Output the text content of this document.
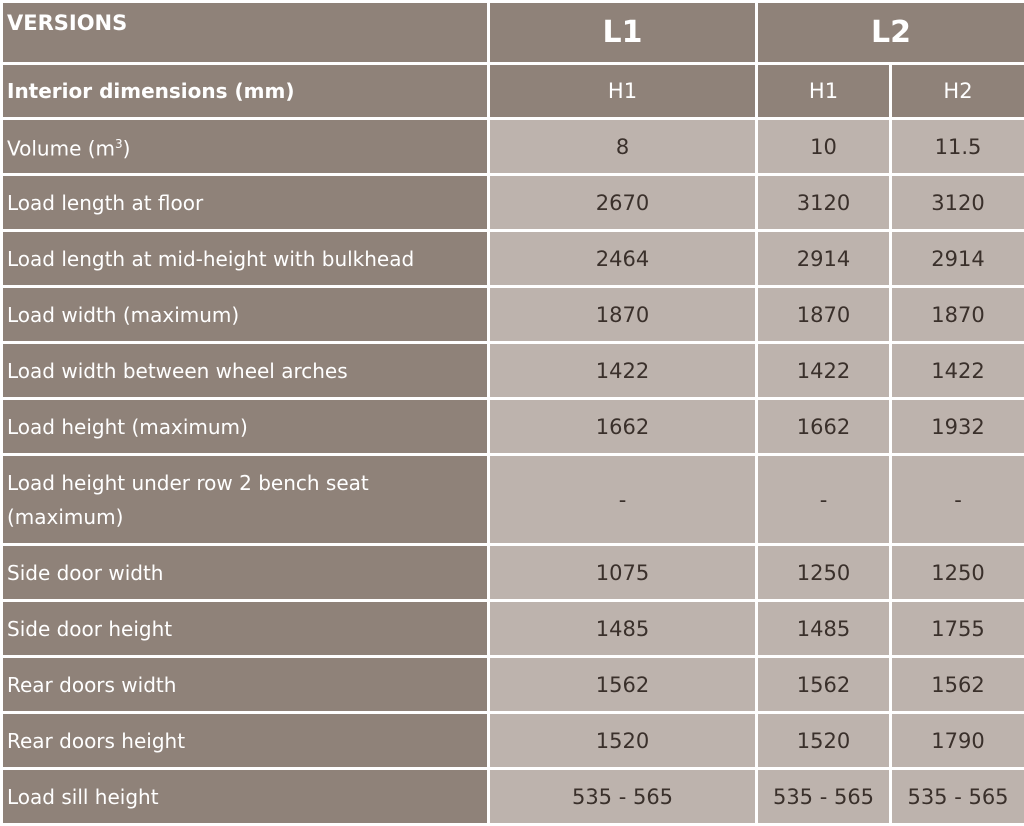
VERSIONS	L1	L2	
Interior dimensions (mm)	H1	H1	H2
Volume $(m^3)$	8	10	11.5
Load length at floor	2670	3120	3120
Load length at mid-height with bulkhead	2464	2914	2914
Load width (maximum)	1870	1870	1870
Load width between wheel arches	1422	1422	1422
Load height (maximum)	1662	1662	1932
Load height under row 2 bench seat (maximum)	-	-	-
Side door width	1075	1250	1250
Side door height	1485	1485	1755
Rear doors width	1562	1562	1562
Rear doors height	1520	1520	1790
Load sill height	535 - 565	535 - 565	535 - 565
